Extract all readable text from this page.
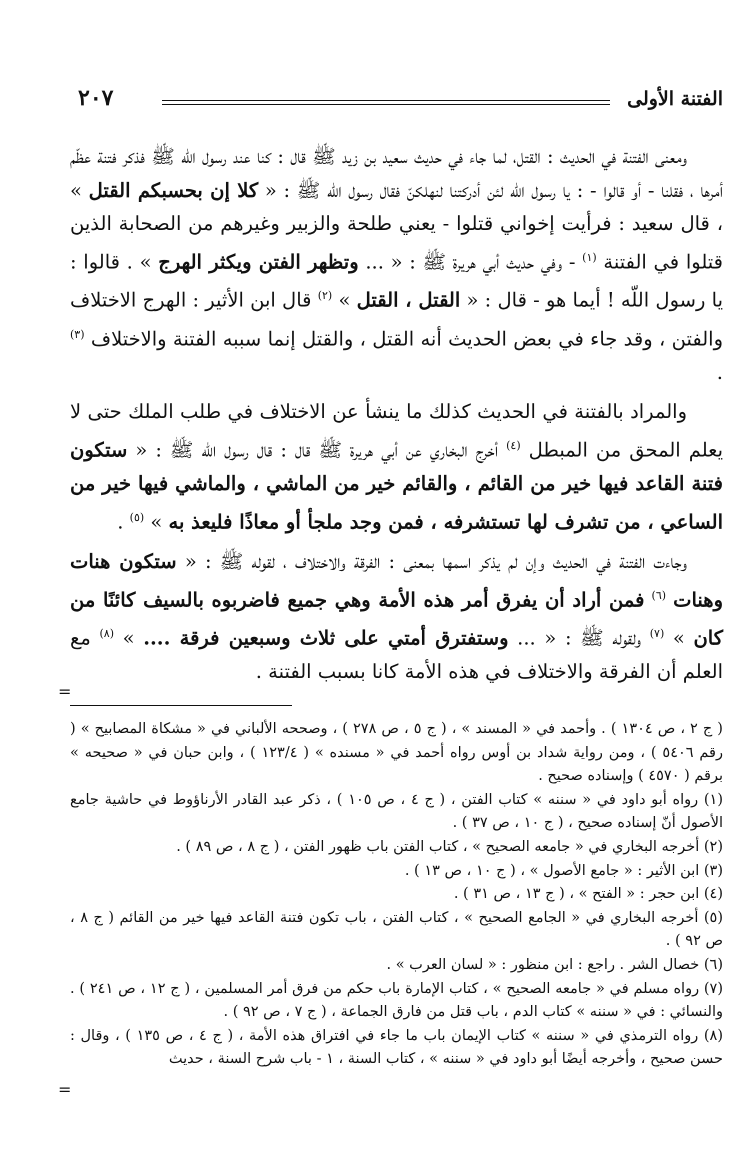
الفتنة الأولى
٢٠٧

ومعنى الفتنة في الحديث : القتل، لما جاء في حديث سعيد بن زيد ﷺ قال : كنا عند رسول اللّه ﷺ فذكر فتنة عظّم أمرها ، فقلنا - أو قالوا - : يا رسول اللّه لئن أدركتنا لنهلكنّ فقال رسول اللّه ﷺ : « كلا إن بحسبكم القتل » ، قال سعيد : فرأيت إخواني قتلوا - يعني طلحة والزبير وغيرهم من الصحابة الذين قتلوا في الفتنة $^{(١)}$ - وفي حديث أبي هريرة ﷺ : « ... وتظهر الفتن ويكثر الهرج » . قالوا : يا رسول اللّه ! أيما هو - قال : « القتل ، القتل » $^{(٢)}$ قال ابن الأثير : الهرج الاختلاف والفتن ، وقد جاء في بعض الحديث أنه القتل ، والقتل إنما سببه الفتنة والاختلاف $^{(٣)}$ .

والمراد بالفتنة في الحديث كذلك ما ينشأ عن الاختلاف في طلب الملك حتى لا يعلم المحق من المبطل $^{(٤)}$ أخرج البخاري عن أبي هريرة ﷺ قال : قال رسول اللّه ﷺ : « ستكون فتنة القاعد فيها خير من القائم ، والقائم خير من الماشي ، والماشي فيها خير من الساعي ، من تشرف لها تستشرفه ، فمن وجد ملجأ أو معاذًا فليعذ به » $^{(٥)}$ .

وجاءت الفتنة في الحديث وإن لم يذكر اسمها بمعنى : الفرقة والاختلاف ، لقوله ﷺ : « ستكون هنات وهنات $^{(٦)}$ فمن أراد أن يفرق أمر هذه الأمة وهي جميع فاضربوه بالسيف كائنًا من كان » $^{(٧)}$ ولقوله ﷺ : « ... وستفترق أمتي على ثلاث وسبعين فرقة .... » $^{(٨)}$ مع العلم أن الفرقة والاختلاف في هذه الأمة كانا بسبب الفتنة .

( ج ٢ ، ص ١٣٠٤ ) . وأحمد في « المسند » ، ( ج ٥ ، ص ٢٧٨ ) ، وصححه الألباني في « مشكاة المصابيح » ( رقم ٥٤٠٦ ) ، ومن رواية شداد بن أوس رواه أحمد في « مسنده » ( ١٢٣/٤ ) ، وابن حبان في « صحيحه » برقم ( ٤٥٧٠ ) وإسناده صحيح .

(١) رواه أبو داود في « سننه » كتاب الفتن ، ( ج ٤ ، ص ١٠٥ ) ، ذكر عبد القادر الأرناؤوط في حاشية جامع الأصول أنّ إسناده صحيح ، ( ج ١٠ ، ص ٣٧ ) .

(٢) أخرجه البخاري في « جامعه الصحيح » ، كتاب الفتن باب ظهور الفتن ، ( ج ٨ ، ص ٨٩ ) .

(٣) ابن الأثير : « جامع الأصول » ، ( ج ١٠ ، ص ١٣ ) .

(٤) ابن حجر : « الفتح » ، ( ج ١٣ ، ص ٣١ ) .

(٥) أخرجه البخاري في « الجامع الصحيح » ، كتاب الفتن ، باب تكون فتنة القاعد فيها خير من القائم ( ج ٨ ، ص ٩٢ ) .

(٦) خصال الشر . راجع : ابن منظور : « لسان العرب » .

(٧) رواه مسلم في « جامعه الصحيح » ، كتاب الإمارة باب حكم من فرق أمر المسلمين ، ( ج ١٢ ، ص ٢٤١ ) . والنسائي : في « سننه » كتاب الدم ، باب قتل من فارق الجماعة ، ( ج ٧ ، ص ٩٢ ) .

(٨) رواه الترمذي في « سننه » كتاب الإيمان باب ما جاء في افتراق هذه الأمة ، ( ج ٤ ، ص ١٣٥ ) ، وقال : حسن صحيح ، وأخرجه أيضًا أبو داود في « سننه » ، كتاب السنة ، ١ - باب شرح السنة ، حديث

=
=
